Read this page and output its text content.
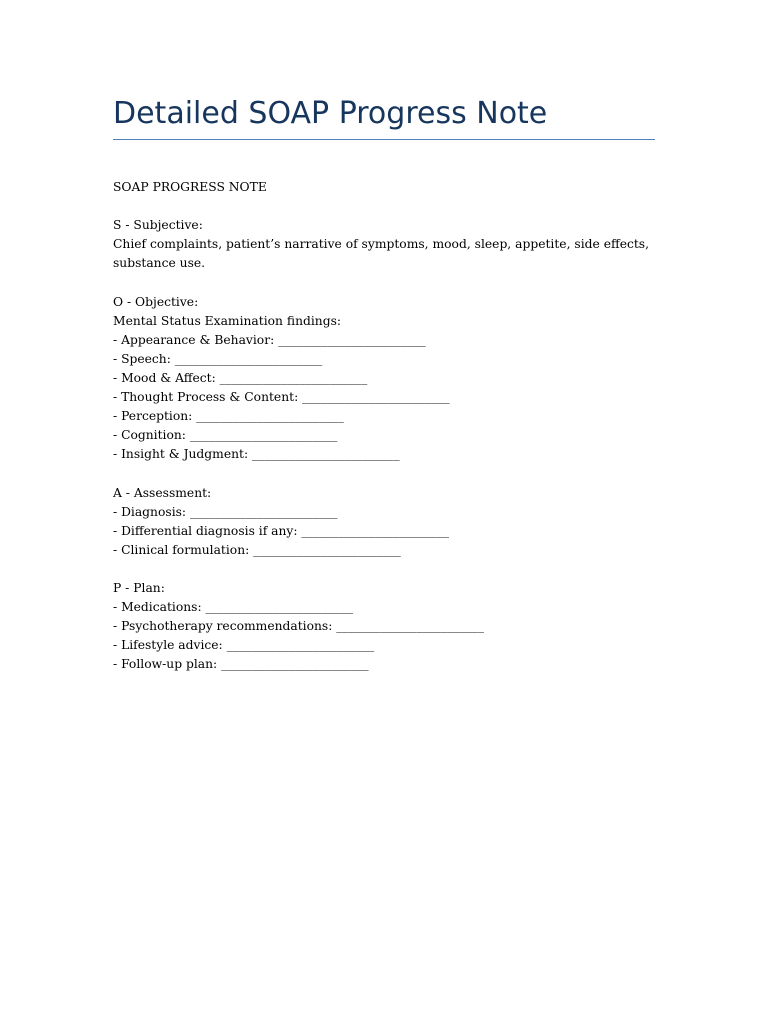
Detailed SOAP Progress Note
SOAP PROGRESS NOTE
S - Subjective:
Chief complaints, patient’s narrative of symptoms, mood, sleep, appetite, side effects, substance use.
O - Objective:
Mental Status Examination findings:
- Appearance & Behavior: ________________________
- Speech: ________________________
- Mood & Affect: ________________________
- Thought Process & Content: ________________________
- Perception: ________________________
- Cognition: ________________________
- Insight & Judgment: ________________________
A - Assessment:
- Diagnosis: ________________________
- Differential diagnosis if any: ________________________
- Clinical formulation: ________________________
P - Plan:
- Medications: ________________________
- Psychotherapy recommendations: ________________________
- Lifestyle advice: ________________________
- Follow-up plan: ________________________
